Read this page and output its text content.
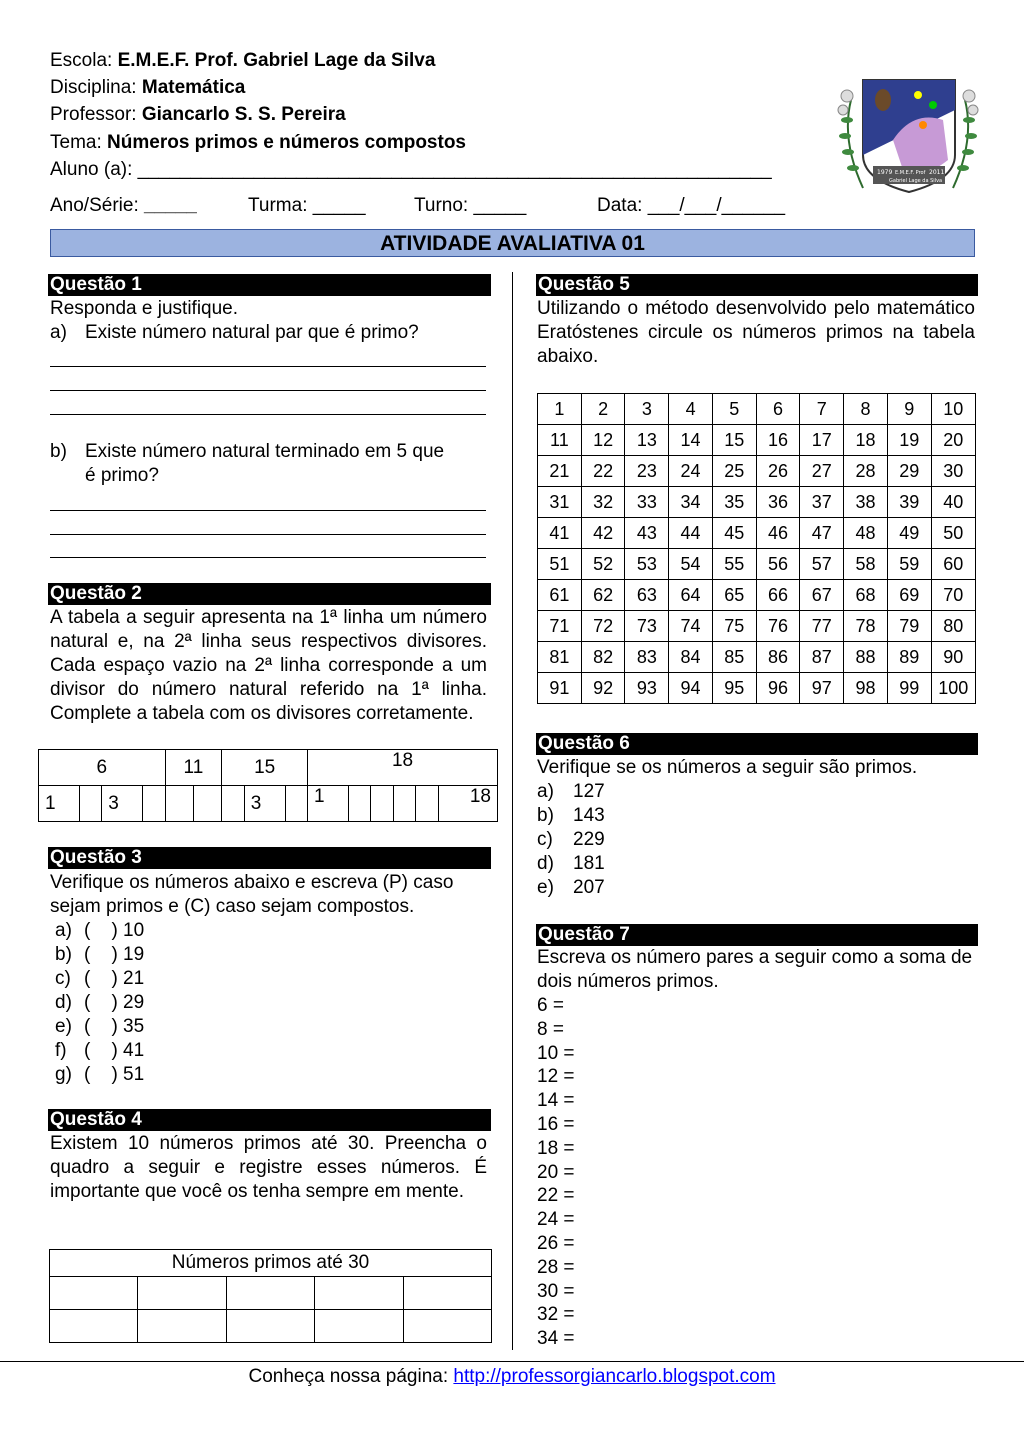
Escola: E.M.E.F. Prof. Gabriel Lage da Silva
Disciplina: Matemática
Professor: Giancarlo S. S. Pereira
Tema: Números primos e números compostos
Aluno (a): ____________________________________________________________
Ano/Série: _____	Turma: _____	Turno: _____	Data: ___/___/______
1979	2011
E.M.E.F. Prof
Gabriel Lage da Silva
ATIVIDADE AVALIATIVA 01
Questão 1
Responda e justifique.
a) Existe número natural par que é primo?
b) Existe número natural terminado em 5 que
é primo?
Questão 2
A tabela a seguir apresenta na 1ª linha um número natural e, na 2ª linha seus respectivos divisores. Cada espaço vazio na 2ª linha corresponde a um divisor do número natural referido na 1ª linha. Complete a tabela com os divisores corretamente.
6				11		15			18					
1		3					3		1					18
Questão 3
Verifique os números abaixo e escreva (P) caso sejam primos e (C) caso sejam compostos.
a) (    ) 10
b) (    ) 19
c) (    ) 21
d) (    ) 29
e) (    ) 35
f) (    ) 41
g) (    ) 51
Questão 4
Existem 10 números primos até 30. Preencha o quadro a seguir e registre esses números. É importante que você os tenha sempre em mente.
Números primos até 30				

Questão 5
Utilizando o método desenvolvido pelo matemático Eratóstenes circule os números primos na tabela abaixo.
1	2	3	4	5	6	7	8	9	10
11	12	13	14	15	16	17	18	19	20
21	22	23	24	25	26	27	28	29	30
31	32	33	34	35	36	37	38	39	40
41	42	43	44	45	46	47	48	49	50
51	52	53	54	55	56	57	58	59	60
61	62	63	64	65	66	67	68	69	70
71	72	73	74	75	76	77	78	79	80
81	82	83	84	85	86	87	88	89	90
91	92	93	94	95	96	97	98	99	100
Questão 6
Verifique se os números a seguir são primos.
a) 127
b) 143
c) 229
d) 181
e) 207
Questão 7
Escreva os número pares a seguir como a soma de dois números primos.
6 =
8 =
10 =
12 =
14 =
16 =
18 =
20 =
22 =
24 =
26 =
28 =
30 =
32 =
34 =
Conheça nossa página: http://professorgiancarlo.blogspot.com
